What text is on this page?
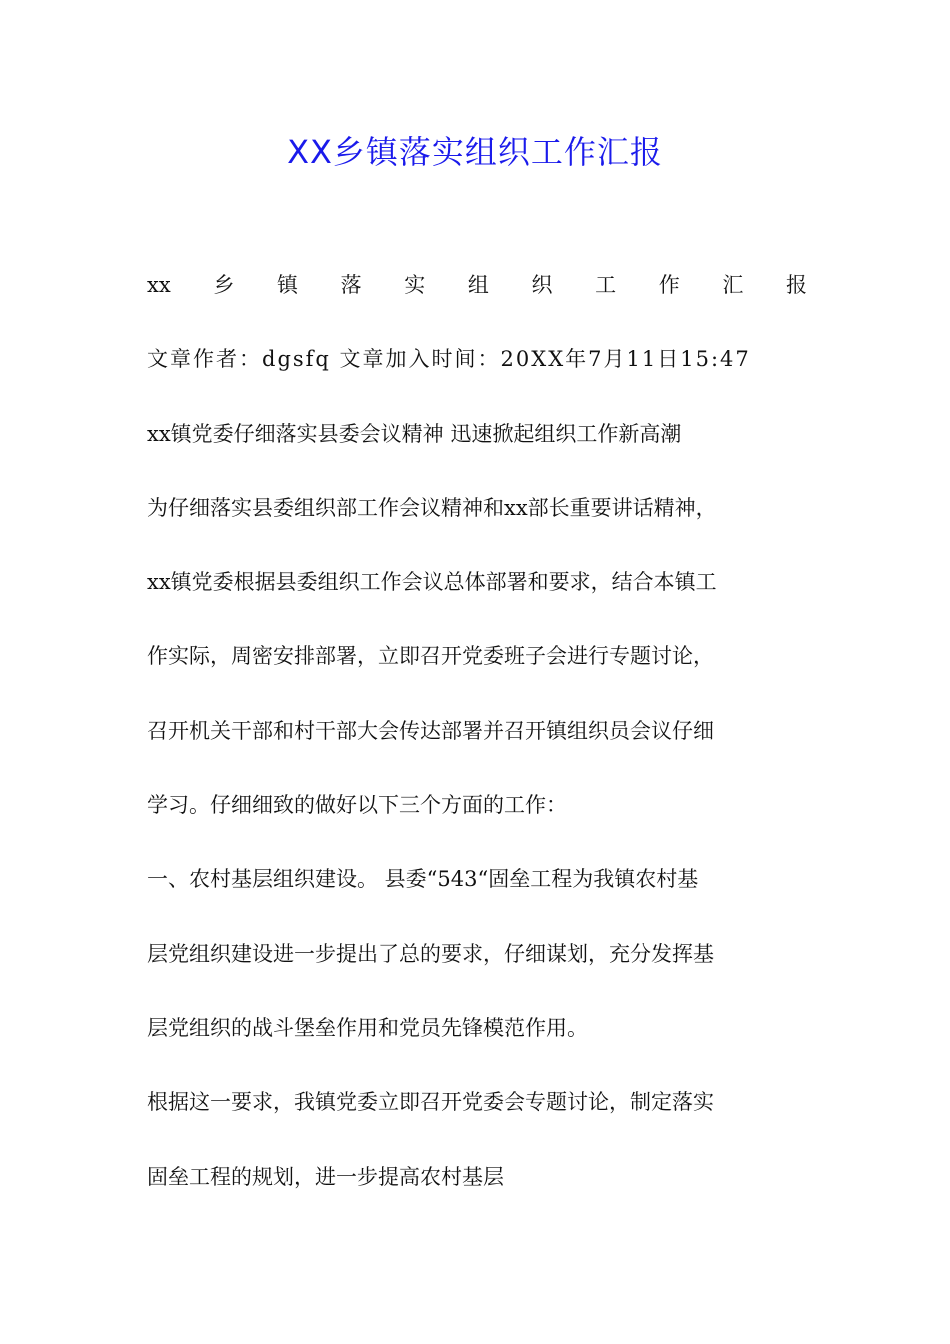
XX乡镇落实组织工作汇报

xx 乡 镇 落 实 组 织 工 作 汇 报

文章作者：dgsfq 文章加入时间：20XX年7月11日15:47

xx镇党委仔细落实县委会议精神 迅速掀起组织工作新高潮

为仔细落实县委组织部工作会议精神和xx部长重要讲话精神，

xx镇党委根据县委组织工作会议总体部署和要求，结合本镇工

作实际，周密安排部署，立即召开党委班子会进行专题讨论，

召开机关干部和村干部大会传达部署并召开镇组织员会议仔细

学习。仔细细致的做好以下三个方面的工作：

一、农村基层组织建设。 县委“543“固垒工程为我镇农村基

层党组织建设进一步提出了总的要求，仔细谋划，充分发挥基

层党组织的战斗堡垒作用和党员先锋模范作用。

根据这一要求，我镇党委立即召开党委会专题讨论，制定落实

固垒工程的规划，进一步提高农村基层
